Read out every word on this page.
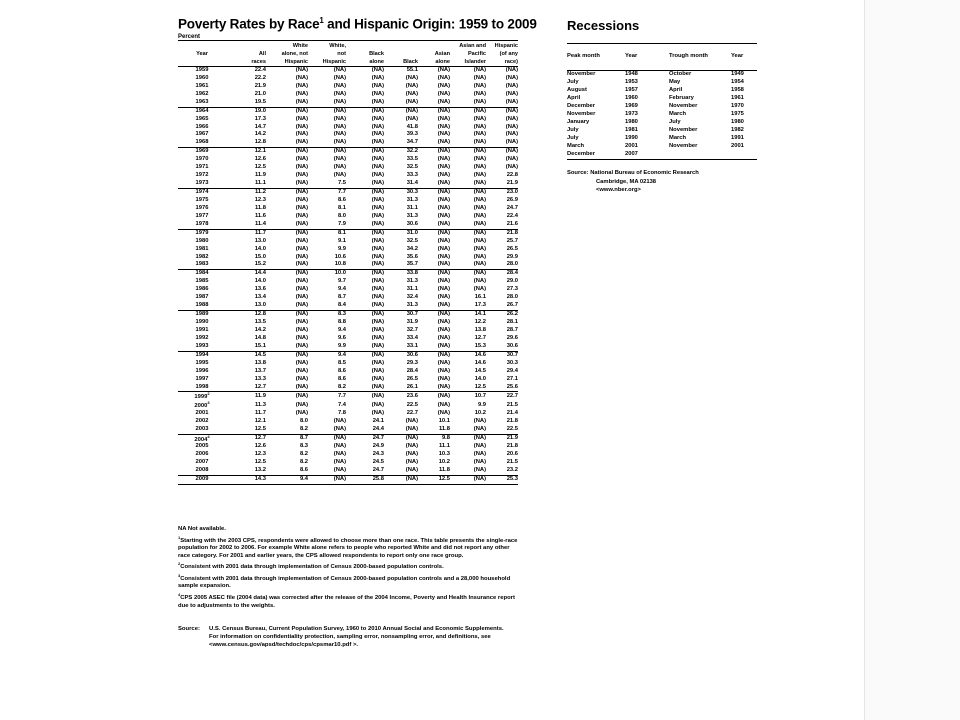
Poverty Rates by Race$^1$ and Hispanic Origin: 1959 to 2009
Percent
		White	White,				Asian and	Hispanic
Year	All	alone, not	not	Black		Asian	Pacific	(of any
	races	Hispanic	Hispanic	alone	Black	alone	Islander	race)
1959	22.4	(NA)	(NA)	(NA)	55.1	(NA)	(NA)	(NA)
1960	22.2	(NA)	(NA)	(NA)	(NA)	(NA)	(NA)	(NA)
1961	21.9	(NA)	(NA)	(NA)	(NA)	(NA)	(NA)	(NA)
1962	21.0	(NA)	(NA)	(NA)	(NA)	(NA)	(NA)	(NA)
1963	19.5	(NA)	(NA)	(NA)	(NA)	(NA)	(NA)	(NA)
1964	19.0	(NA)	(NA)	(NA)	(NA)	(NA)	(NA)	(NA)
1965	17.3	(NA)	(NA)	(NA)	(NA)	(NA)	(NA)	(NA)
1966	14.7	(NA)	(NA)	(NA)	41.8	(NA)	(NA)	(NA)
1967	14.2	(NA)	(NA)	(NA)	39.3	(NA)	(NA)	(NA)
1968	12.8	(NA)	(NA)	(NA)	34.7	(NA)	(NA)	(NA)
1969	12.1	(NA)	(NA)	(NA)	32.2	(NA)	(NA)	(NA)
1970	12.6	(NA)	(NA)	(NA)	33.5	(NA)	(NA)	(NA)
1971	12.5	(NA)	(NA)	(NA)	32.5	(NA)	(NA)	(NA)
1972	11.9	(NA)	(NA)	(NA)	33.3	(NA)	(NA)	22.8
1973	11.1	(NA)	7.5	(NA)	31.4	(NA)	(NA)	21.9
1974	11.2	(NA)	7.7	(NA)	30.3	(NA)	(NA)	23.0
1975	12.3	(NA)	8.6	(NA)	31.3	(NA)	(NA)	26.9
1976	11.8	(NA)	8.1	(NA)	31.1	(NA)	(NA)	24.7
1977	11.6	(NA)	8.0	(NA)	31.3	(NA)	(NA)	22.4
1978	11.4	(NA)	7.9	(NA)	30.6	(NA)	(NA)	21.6
1979	11.7	(NA)	8.1	(NA)	31.0	(NA)	(NA)	21.8
1980	13.0	(NA)	9.1	(NA)	32.5	(NA)	(NA)	25.7
1981	14.0	(NA)	9.9	(NA)	34.2	(NA)	(NA)	26.5
1982	15.0	(NA)	10.6	(NA)	35.6	(NA)	(NA)	29.9
1983	15.2	(NA)	10.8	(NA)	35.7	(NA)	(NA)	28.0
1984	14.4	(NA)	10.0	(NA)	33.8	(NA)	(NA)	28.4
1985	14.0	(NA)	9.7	(NA)	31.3	(NA)	(NA)	29.0
1986	13.6	(NA)	9.4	(NA)	31.1	(NA)	(NA)	27.3
1987	13.4	(NA)	8.7	(NA)	32.4	(NA)	16.1	28.0
1988	13.0	(NA)	8.4	(NA)	31.3	(NA)	17.3	26.7
1989	12.8	(NA)	8.3	(NA)	30.7	(NA)	14.1	26.2
1990	13.5	(NA)	8.8	(NA)	31.9	(NA)	12.2	28.1
1991	14.2	(NA)	9.4	(NA)	32.7	(NA)	13.8	28.7
1992	14.8	(NA)	9.6	(NA)	33.4	(NA)	12.7	29.6
1993	15.1	(NA)	9.9	(NA)	33.1	(NA)	15.3	30.6
1994	14.5	(NA)	9.4	(NA)	30.6	(NA)	14.6	30.7
1995	13.8	(NA)	8.5	(NA)	29.3	(NA)	14.6	30.3
1996	13.7	(NA)	8.6	(NA)	28.4	(NA)	14.5	29.4
1997	13.3	(NA)	8.6	(NA)	26.5	(NA)	14.0	27.1
1998	12.7	(NA)	8.2	(NA)	26.1	(NA)	12.5	25.6
1999$^2$	11.9	(NA)	7.7	(NA)	23.6	(NA)	10.7	22.7
2000$^3$	11.3	(NA)	7.4	(NA)	22.5	(NA)	9.9	21.5
2001	11.7	(NA)	7.8	(NA)	22.7	(NA)	10.2	21.4
2002	12.1	8.0	(NA)	24.1	(NA)	10.1	(NA)	21.8
2003	12.5	8.2	(NA)	24.4	(NA)	11.8	(NA)	22.5
2004$^4$	12.7	8.7	(NA)	24.7	(NA)	9.8	(NA)	21.9
2005	12.6	8.3	(NA)	24.9	(NA)	11.1	(NA)	21.8
2006	12.3	8.2	(NA)	24.3	(NA)	10.3	(NA)	20.6
2007	12.5	8.2	(NA)	24.5	(NA)	10.2	(NA)	21.5
2008	13.2	8.6	(NA)	24.7	(NA)	11.8	(NA)	23.2
2009	14.3	9.4	(NA)	25.8	(NA)	12.5	(NA)	25.3

NA Not available.

$^1$Starting with the 2003 CPS, respondents were allowed to choose more than one race. This table presents the single-race population for 2002 to 2006. For example White alone refers to people who reported White and did not report any other race category. For 2001 and earlier years, the CPS allowed respondents to report only one race group.

$^2$Consistent with 2001 data through implementation of Census 2000-based population controls.

$^3$Consistent with 2001 data through implementation of Census 2000-based population controls and a 28,000 household sample expansion.

$^4$CPS 2005 ASEC file (2004 data) was corrected after the release of the 2004 Income, Poverty and Health Insurance report due to adjustments to the weights.

Source: U.S. Census Bureau, Current Population Survey, 1960 to 2010 Annual Social and Economic Supplements. For information on confidentiality protection, sampling error, nonsampling error, and definitions, see <www.census.gov/apsd/techdoc/cps/cpsmar10.pdf >.
Recessions
Peak month	Year	Trough month	Year
November	1948	October	1949
July	1953	May	1954
August	1957	April	1958
April	1960	February	1961
December	1969	November	1970
November	1973	March	1975
January	1980	July	1980
July	1981	November	1982
July	1990	March	1991
March	2001	November	2001
December	2007		
Source: National Bureau of Economic Research
Cambridge, MA 02138
<www.nber.org>
